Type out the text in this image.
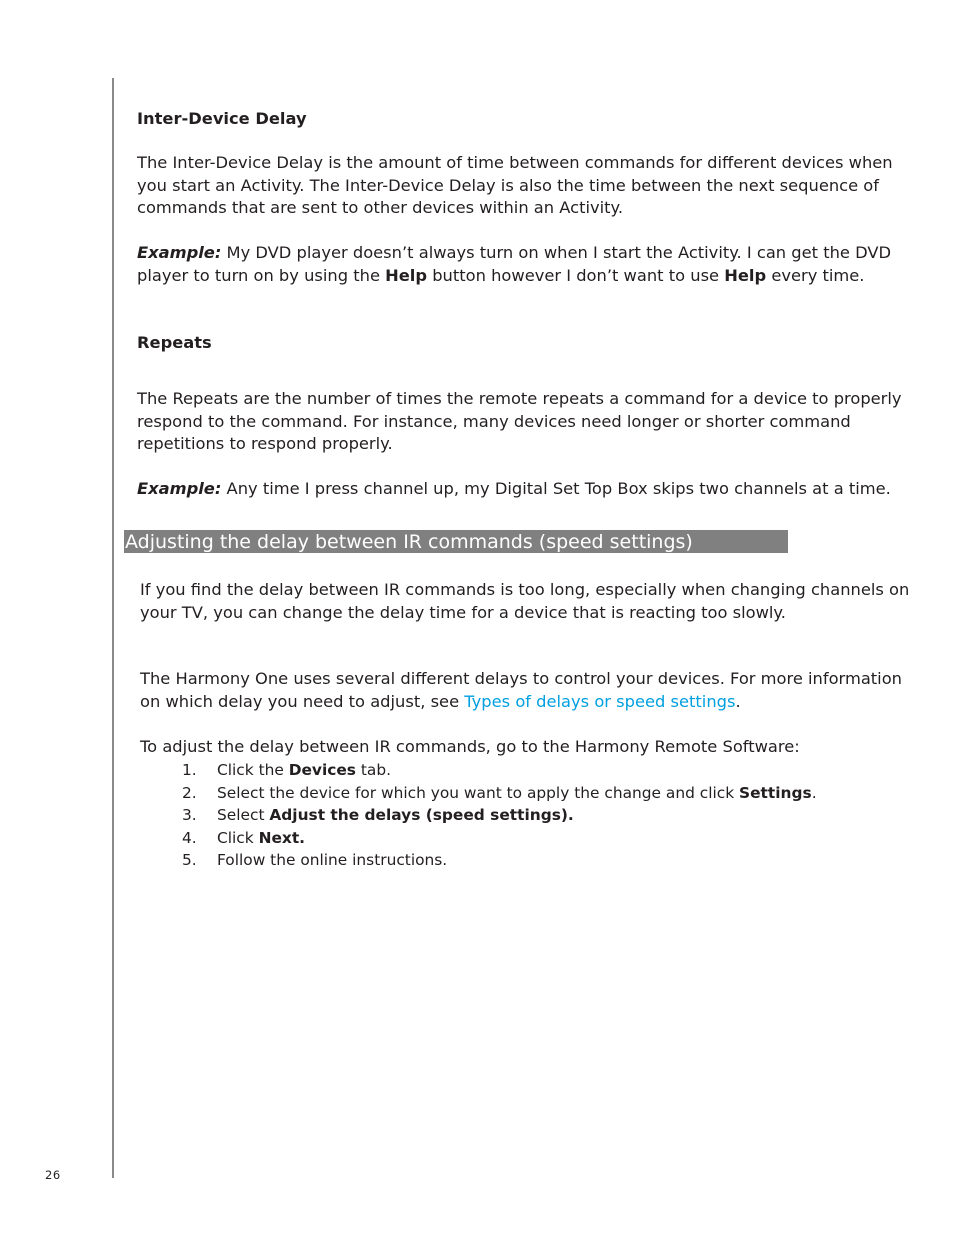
Inter-Device Delay

The Inter-Device Delay is the amount of time between commands for different devices when you start an Activity. The Inter-Device Delay is also the time between the next sequence of commands that are sent to other devices within an Activity.

Example: My DVD player doesn’t always turn on when I start the Activity. I can get the DVD player to turn on by using the Help button however I don’t want to use Help every time.

Repeats

The Repeats are the number of times the remote repeats a command for a device to properly respond to the command. For instance, many devices need longer or shorter command repetitions to respond properly.

Example: Any time I press channel up, my Digital Set Top Box skips two channels at a time.

Adjusting the delay between IR commands (speed settings)

If you find the delay between IR commands is too long, especially when changing channels on your TV, you can change the delay time for a device that is reacting too slowly.

The Harmony One uses several different delays to control your devices. For more information on which delay you need to adjust, see Types of delays or speed settings.

To adjust the delay between IR commands, go to the Harmony Remote Software:

1.	Click the Devices tab.
2.	Select the device for which you want to apply the change and click Settings.
3.	Select Adjust the delays (speed settings).
4.	Click Next.
5.	Follow the online instructions.
26
